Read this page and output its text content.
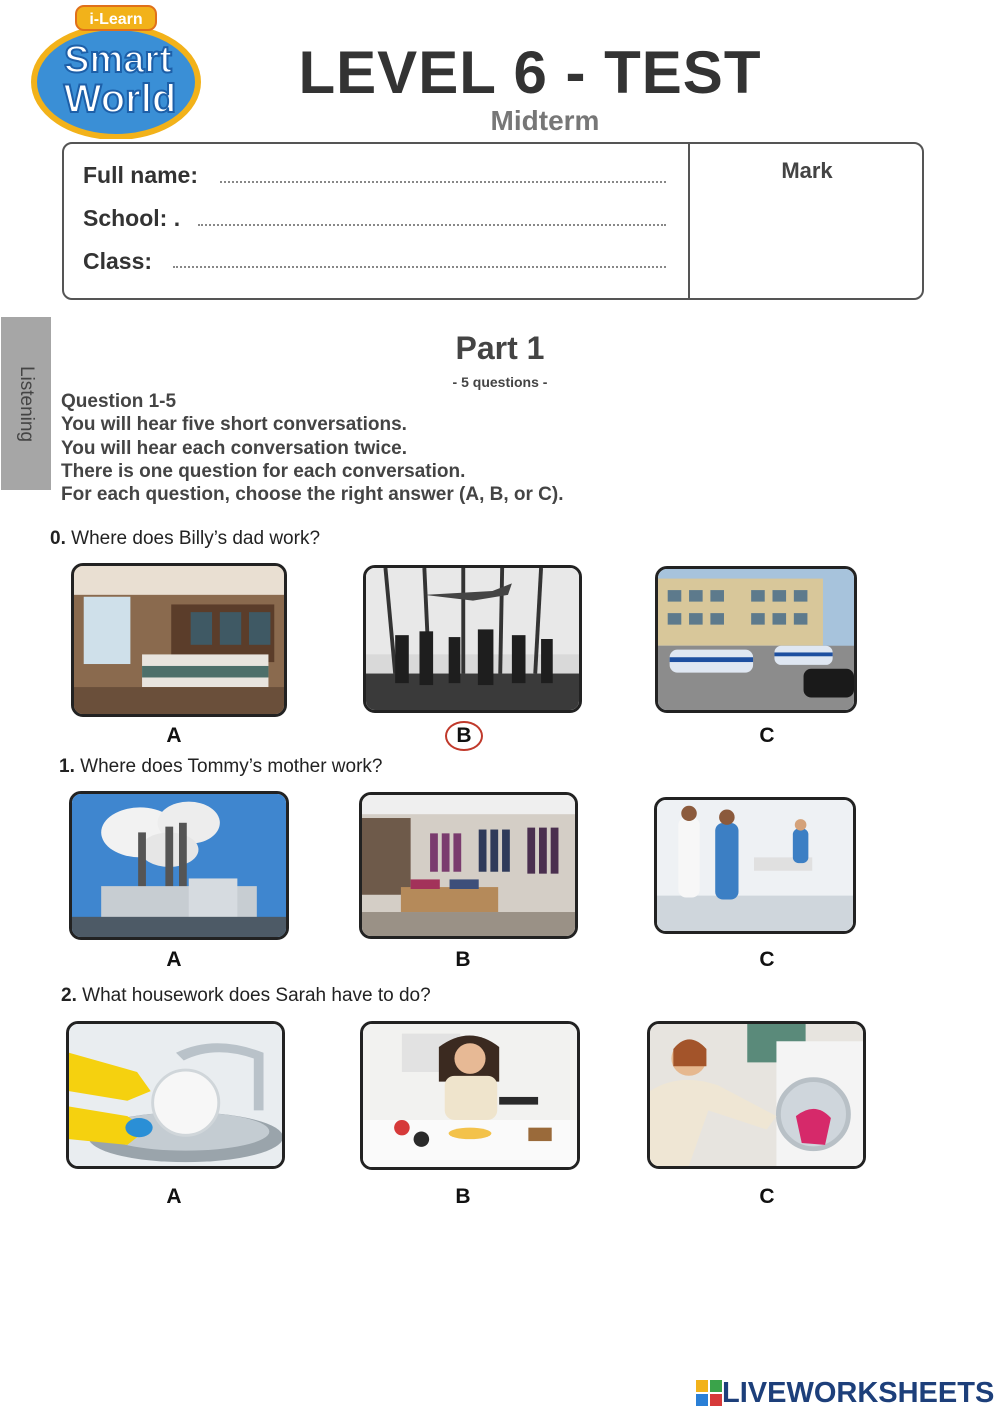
i-Learn
Smart
World	LEVEL 6 - TEST
Midterm
Full name:
School: .
Class:
Mark
Listening
Part 1
- 5 questions -
Question 1-5
You will hear five short conversations.
You will hear each conversation twice.
There is one question for each conversation.
For each question, choose the right answer (A, B, or C).
0. Where does Billy’s dad work?
A	B	C
1. Where does Tommy’s mother work?
A	B	C
2. What housework does Sarah have to do?
A	B	C
LIVEWORKSHEETS
